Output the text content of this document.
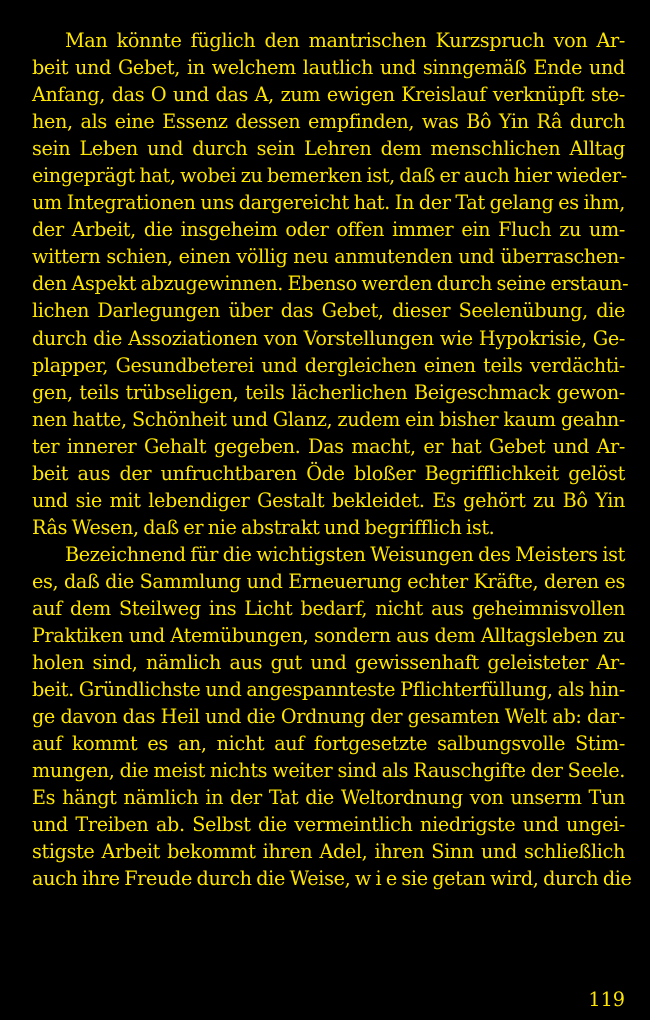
Man könnte füglich den mantrischen Kurzspruch von Ar-
beit und Gebet, in welchem lautlich und sinngemäß Ende und
Anfang, das O und das A, zum ewigen Kreislauf verknüpft ste-
hen, als eine Essenz dessen empfinden, was Bô Yin Râ durch
sein Leben und durch sein Lehren dem menschlichen Alltag
eingeprägt hat, wobei zu bemerken ist, daß er auch hier wieder-
um Integrationen uns dargereicht hat. In der Tat gelang es ihm,
der Arbeit, die insgeheim oder offen immer ein Fluch zu um-
wittern schien, einen völlig neu anmutenden und überraschen-
den Aspekt abzugewinnen. Ebenso werden durch seine erstaun-
lichen Darlegungen über das Gebet, dieser Seelenübung, die
durch die Assoziationen von Vorstellungen wie Hypokrisie, Ge-
plapper, Gesundbeterei und dergleichen einen teils verdächti-
gen, teils trübseligen, teils lächerlichen Beigeschmack gewon-
nen hatte, Schönheit und Glanz, zudem ein bisher kaum geahn-
ter innerer Gehalt gegeben. Das macht, er hat Gebet und Ar-
beit aus der unfruchtbaren Öde bloßer Begrifflichkeit gelöst
und sie mit lebendiger Gestalt bekleidet. Es gehört zu Bô Yin
Râs Wesen, daß er nie abstrakt und begrifflich ist.
Bezeichnend für die wichtigsten Weisungen des Meisters ist
es, daß die Sammlung und Erneuerung echter Kräfte, deren es
auf dem Steilweg ins Licht bedarf, nicht aus geheimnisvollen
Praktiken und Atemübungen, sondern aus dem Alltagsleben zu
holen sind, nämlich aus gut und gewissenhaft geleisteter Ar-
beit. Gründlichste und angespannteste Pflichterfüllung, als hin-
ge davon das Heil und die Ordnung der gesamten Welt ab: dar-
auf kommt es an, nicht auf fortgesetzte salbungsvolle Stim-
mungen, die meist nichts weiter sind als Rauschgifte der Seele.
Es hängt nämlich in der Tat die Weltordnung von unserm Tun
und Treiben ab. Selbst die vermeintlich niedrigste und ungei-
stigste Arbeit bekommt ihren Adel, ihren Sinn und schließlich
auch ihre Freude durch die Weise, w i e sie getan wird, durch die
119
